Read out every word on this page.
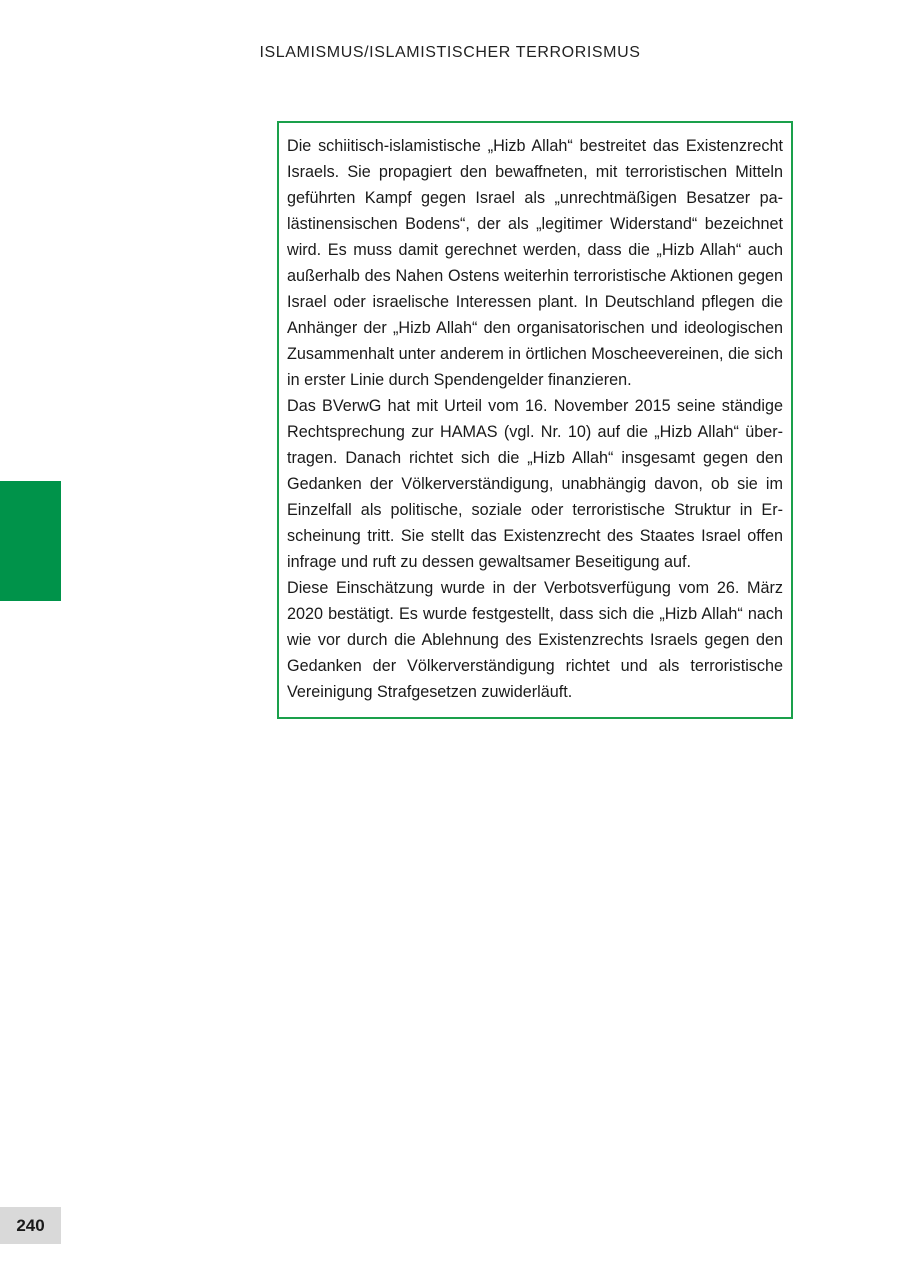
ISLAMISMUS/ISLAMISTISCHER TERRORISMUS

Die schiitisch-islamistische „Hizb Allah“ bestreitet das Existenzrecht Israels. Sie propagiert den bewaffneten, mit terroristischen Mitteln geführten Kampf gegen Israel als „unrechtmäßigen Besatzer palästinensischen Bodens“, der als „legitimer Widerstand“ bezeichnet wird. Es muss damit gerechnet werden, dass die „Hizb Allah“ auch außerhalb des Nahen Ostens weiterhin terroristische Aktionen gegen Israel oder israelische Interessen plant. In Deutschland pflegen die Anhänger der „Hizb Allah“ den organisatorischen und ideologischen Zusammenhalt unter anderem in örtlichen Moscheevereinen, die sich in erster Linie durch Spendengelder finanzieren.

Das BVerwG hat mit Urteil vom 16. November 2015 seine ständige Rechtsprechung zur HAMAS (vgl. Nr. 10) auf die „Hizb Allah“ übertragen. Danach richtet sich die „Hizb Allah“ insgesamt gegen den Gedanken der Völkerverständigung, unabhängig davon, ob sie im Einzelfall als politische, soziale oder terroristische Struktur in Erscheinung tritt. Sie stellt das Existenzrecht des Staates Israel offen infrage und ruft zu dessen gewaltsamer Beseitigung auf.

Diese Einschätzung wurde in der Verbotsverfügung vom 26. März 2020 bestätigt. Es wurde festgestellt, dass sich die „Hizb Allah“ nach wie vor durch die Ablehnung des Existenzrechts Israels gegen den Gedanken der Völkerverständigung richtet und als terroristische Vereinigung Strafgesetzen zuwiderläuft.

240
